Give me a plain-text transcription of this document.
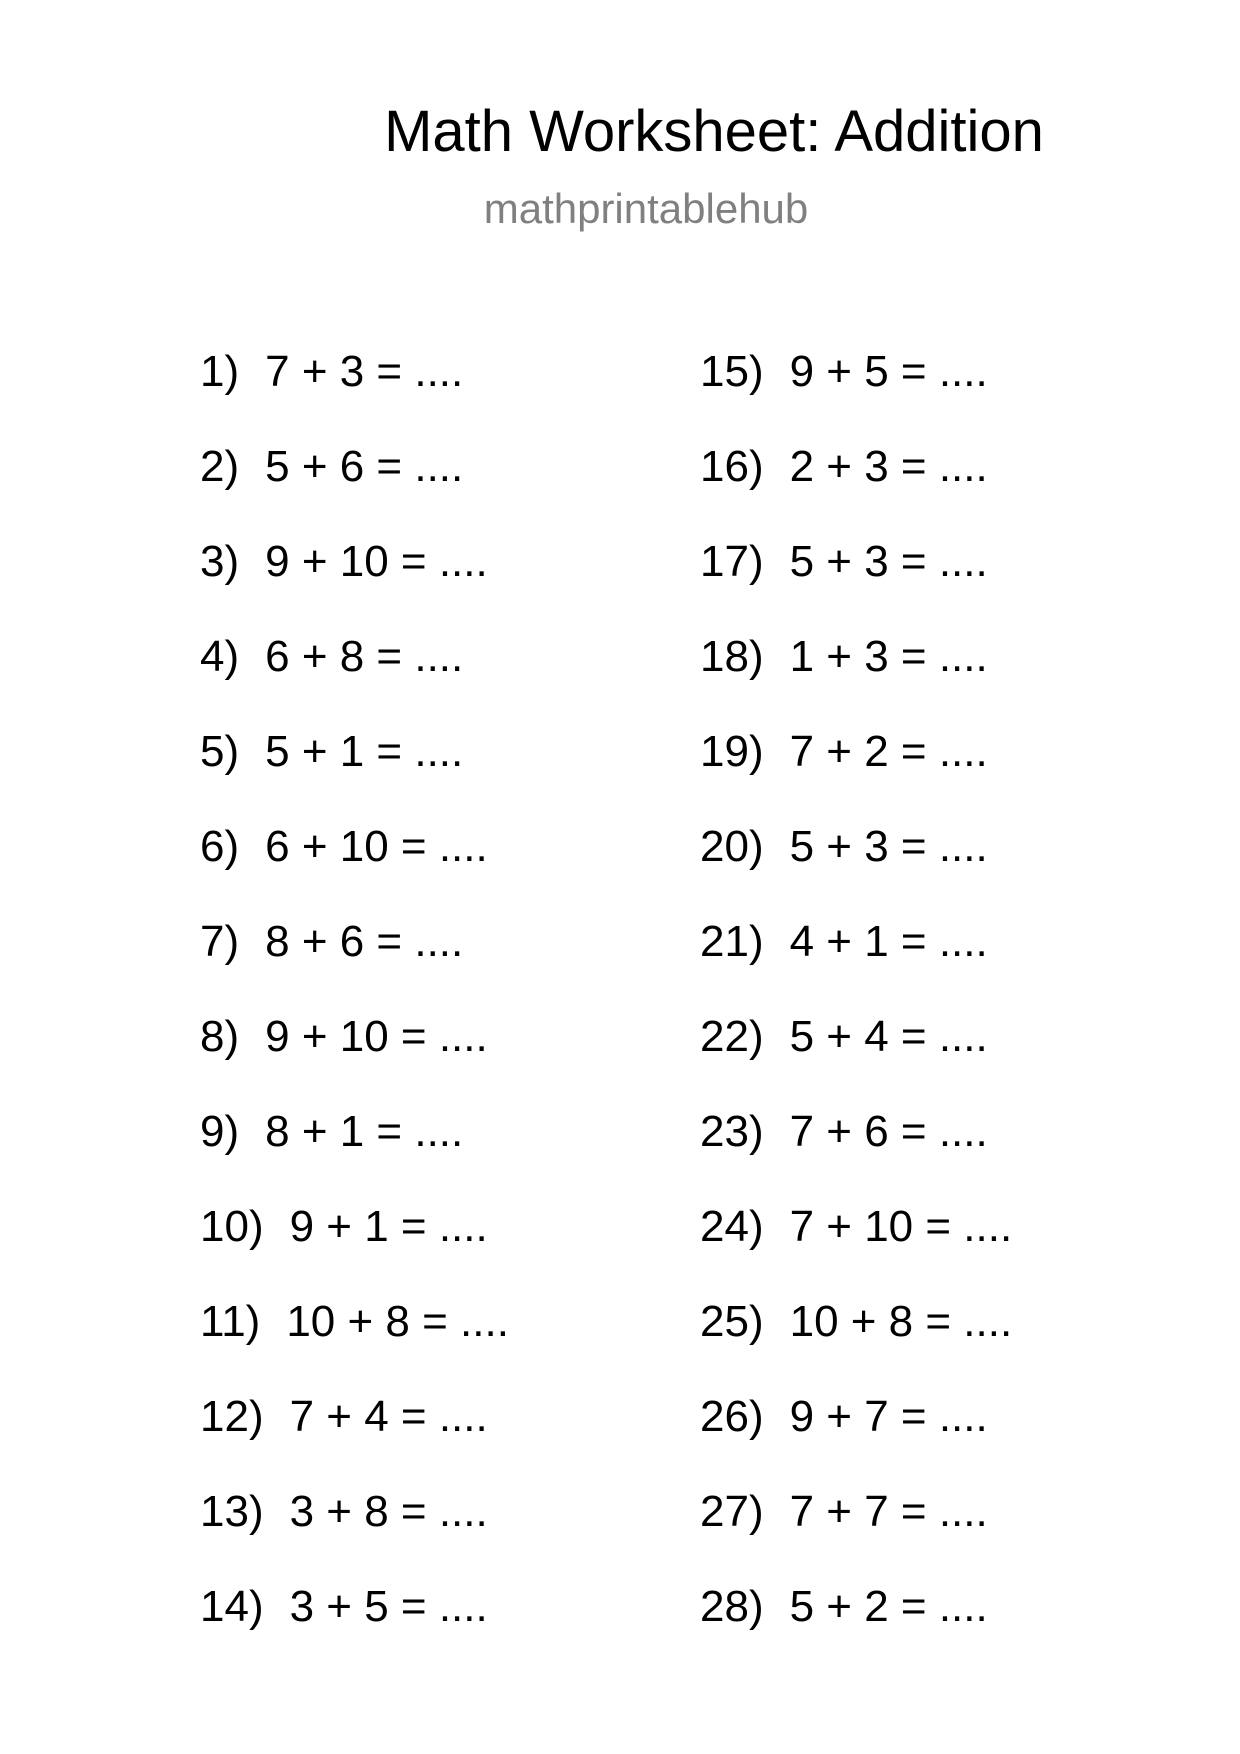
Math Worksheet: Addition
mathprintablehub
1) 7 + 3 = ....
2) 5 + 6 = ....
3) 9 + 10 = ....
4) 6 + 8 = ....
5) 5 + 1 = ....
6) 6 + 10 = ....
7) 8 + 6 = ....
8) 9 + 10 = ....
9) 8 + 1 = ....
10) 9 + 1 = ....
11) 10 + 8 = ....
12) 7 + 4 = ....
13) 3 + 8 = ....
14) 3 + 5 = ....
15) 9 + 5 = ....
16) 2 + 3 = ....
17) 5 + 3 = ....
18) 1 + 3 = ....
19) 7 + 2 = ....
20) 5 + 3 = ....
21) 4 + 1 = ....
22) 5 + 4 = ....
23) 7 + 6 = ....
24) 7 + 10 = ....
25) 10 + 8 = ....
26) 9 + 7 = ....
27) 7 + 7 = ....
28) 5 + 2 = ....
